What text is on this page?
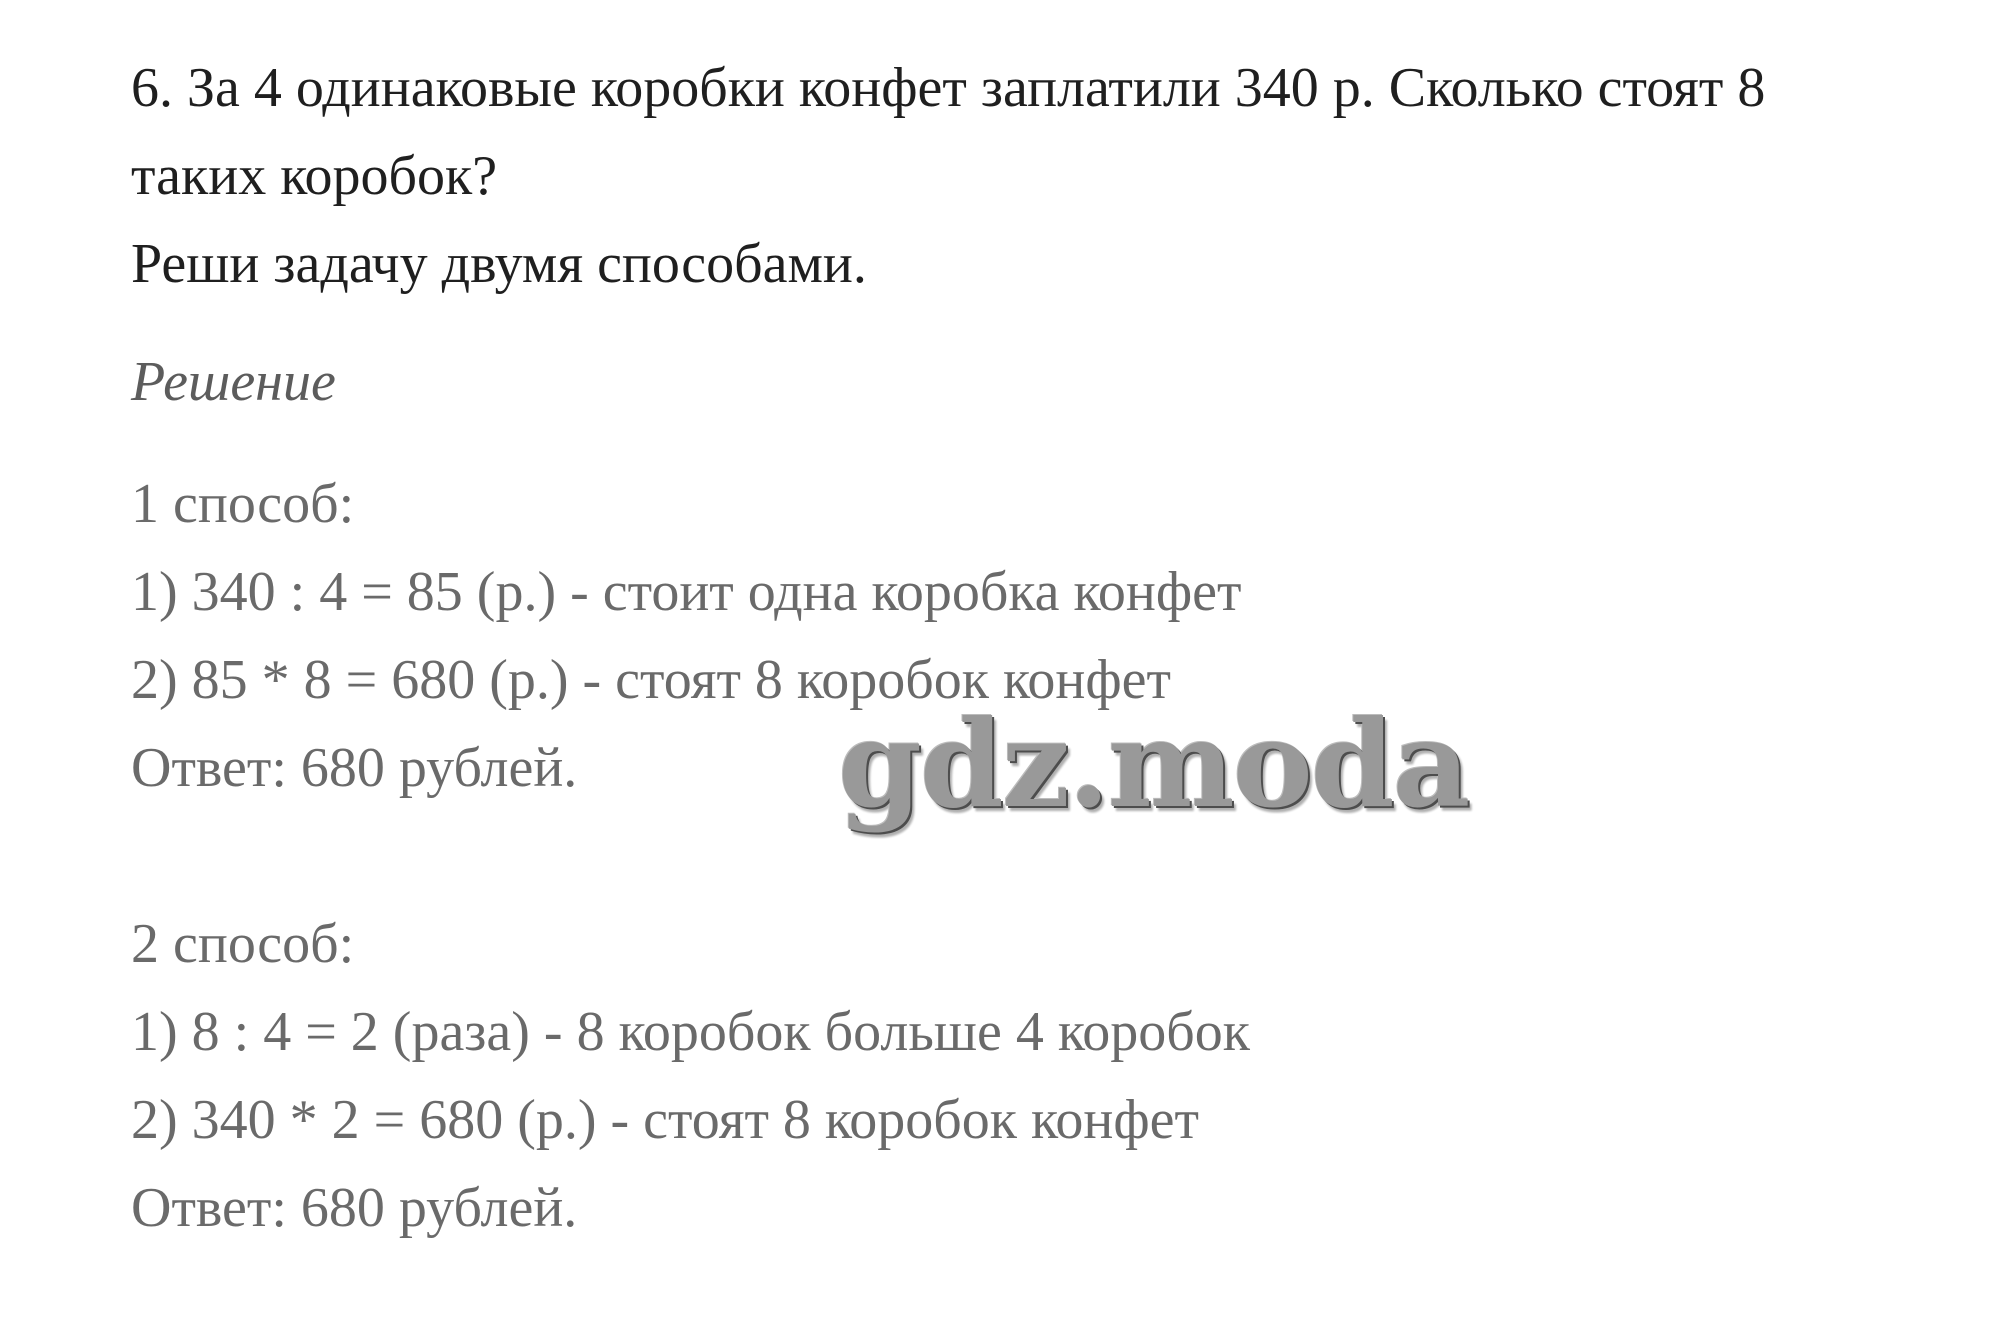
6. За 4 одинаковые коробки конфет заплатили 340 р. Сколько стоят 8
таких коробок?
Реши задачу двумя способами.
Решение
1 способ:
1) 340 : 4 = 85 (р.) - стоит одна коробка конфет
2) 85 * 8 = 680 (р.) - стоят 8 коробок конфет
Ответ: 680 рублей.
2 способ:
1) 8 : 4 = 2 (раза) - 8 коробок больше 4 коробок
2) 340 * 2 = 680 (р.) - стоят 8 коробок конфет
Ответ: 680 рублей.
gdz.moda
